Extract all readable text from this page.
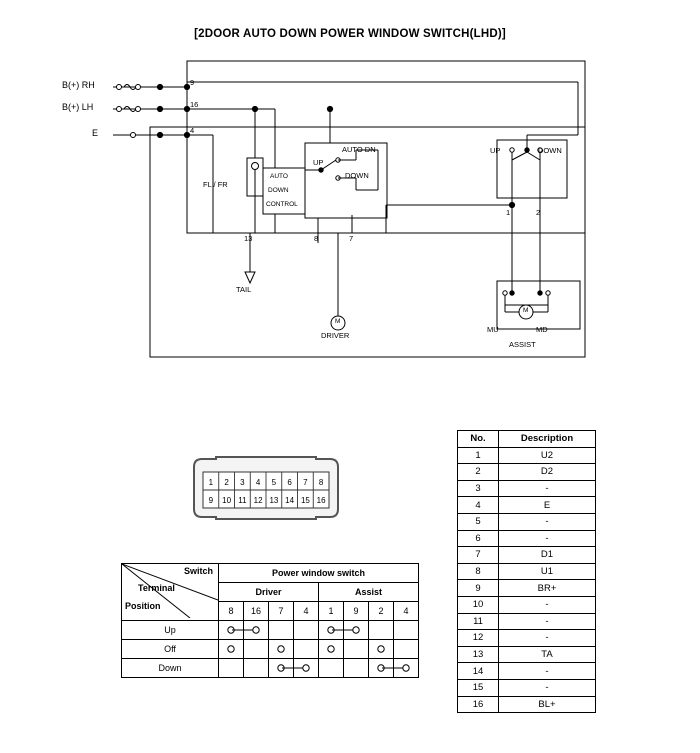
[2DOOR AUTO DOWN POWER WINDOW SWITCH(LHD)]
B(+) RH
B(+) LH
E
9
16
4
FL / FR
AUTO
DOWN
CONTROL
UP
DOWN
AUTO DN	UP	DOWN
13	8	7
1	2
TAIL
M
DRIVER
MU	MD
M
ASSIST
1 2 3 4 5 6 7 8
9 10 11 12 13 14 15 16
Switch
Terminal
Position	Power window switch							
	Driver				Assist			
	8	16	7	4	1	9	2	4
Up	

Off	

Down			

No.	Description
1	U2
2	D2
3	-
4	E
5	-
6	-
7	D1
8	U1
9	BR+
10	-
11	-
12	-
13	TA
14	-
15	-
16	BL+
